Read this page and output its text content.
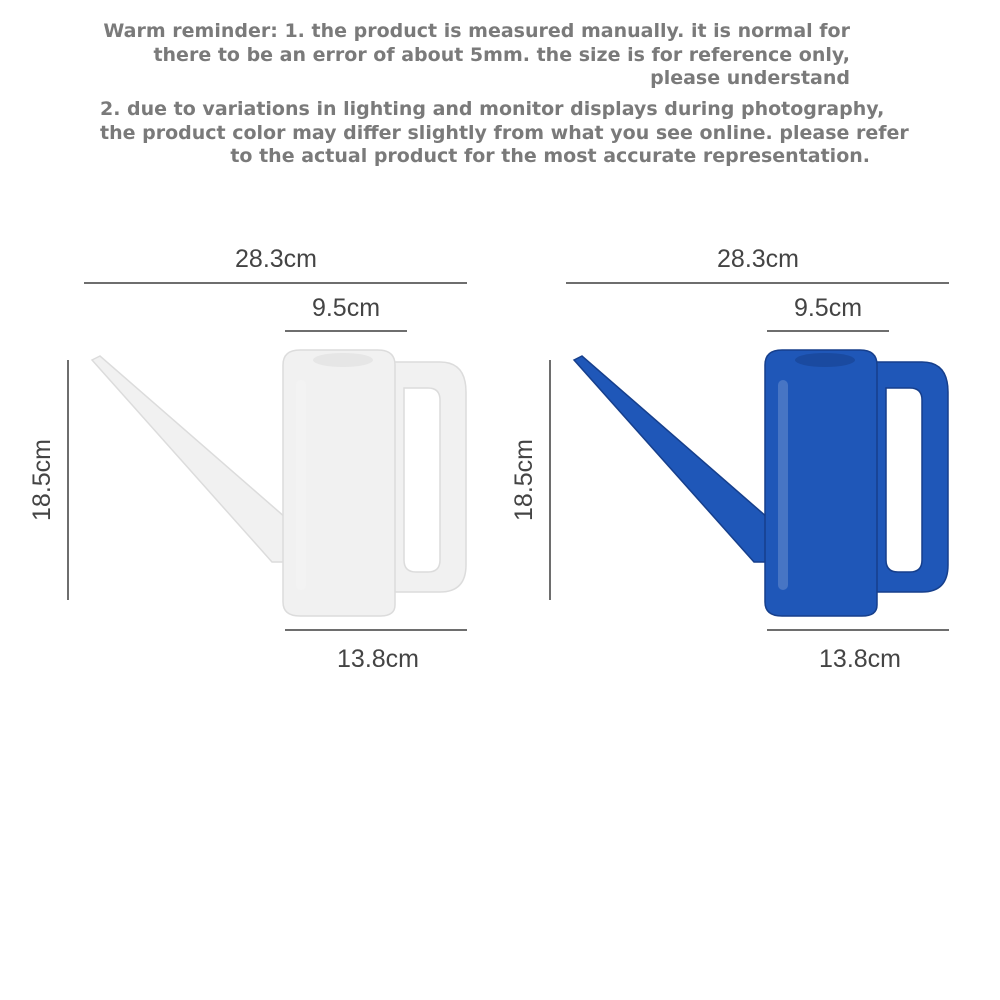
Warm reminder: 1. the product is measured manually. it is normal for
there to be an error of about 5mm. the size is for reference only,
please understand
2. due to variations in lighting and monitor displays during photography,
the product color may differ slightly from what you see online. please refer
to the actual product for the most accurate representation.
28.3cm
9.5cm
18.5cm
13.8cm
28.3cm
9.5cm
18.5cm
13.8cm
